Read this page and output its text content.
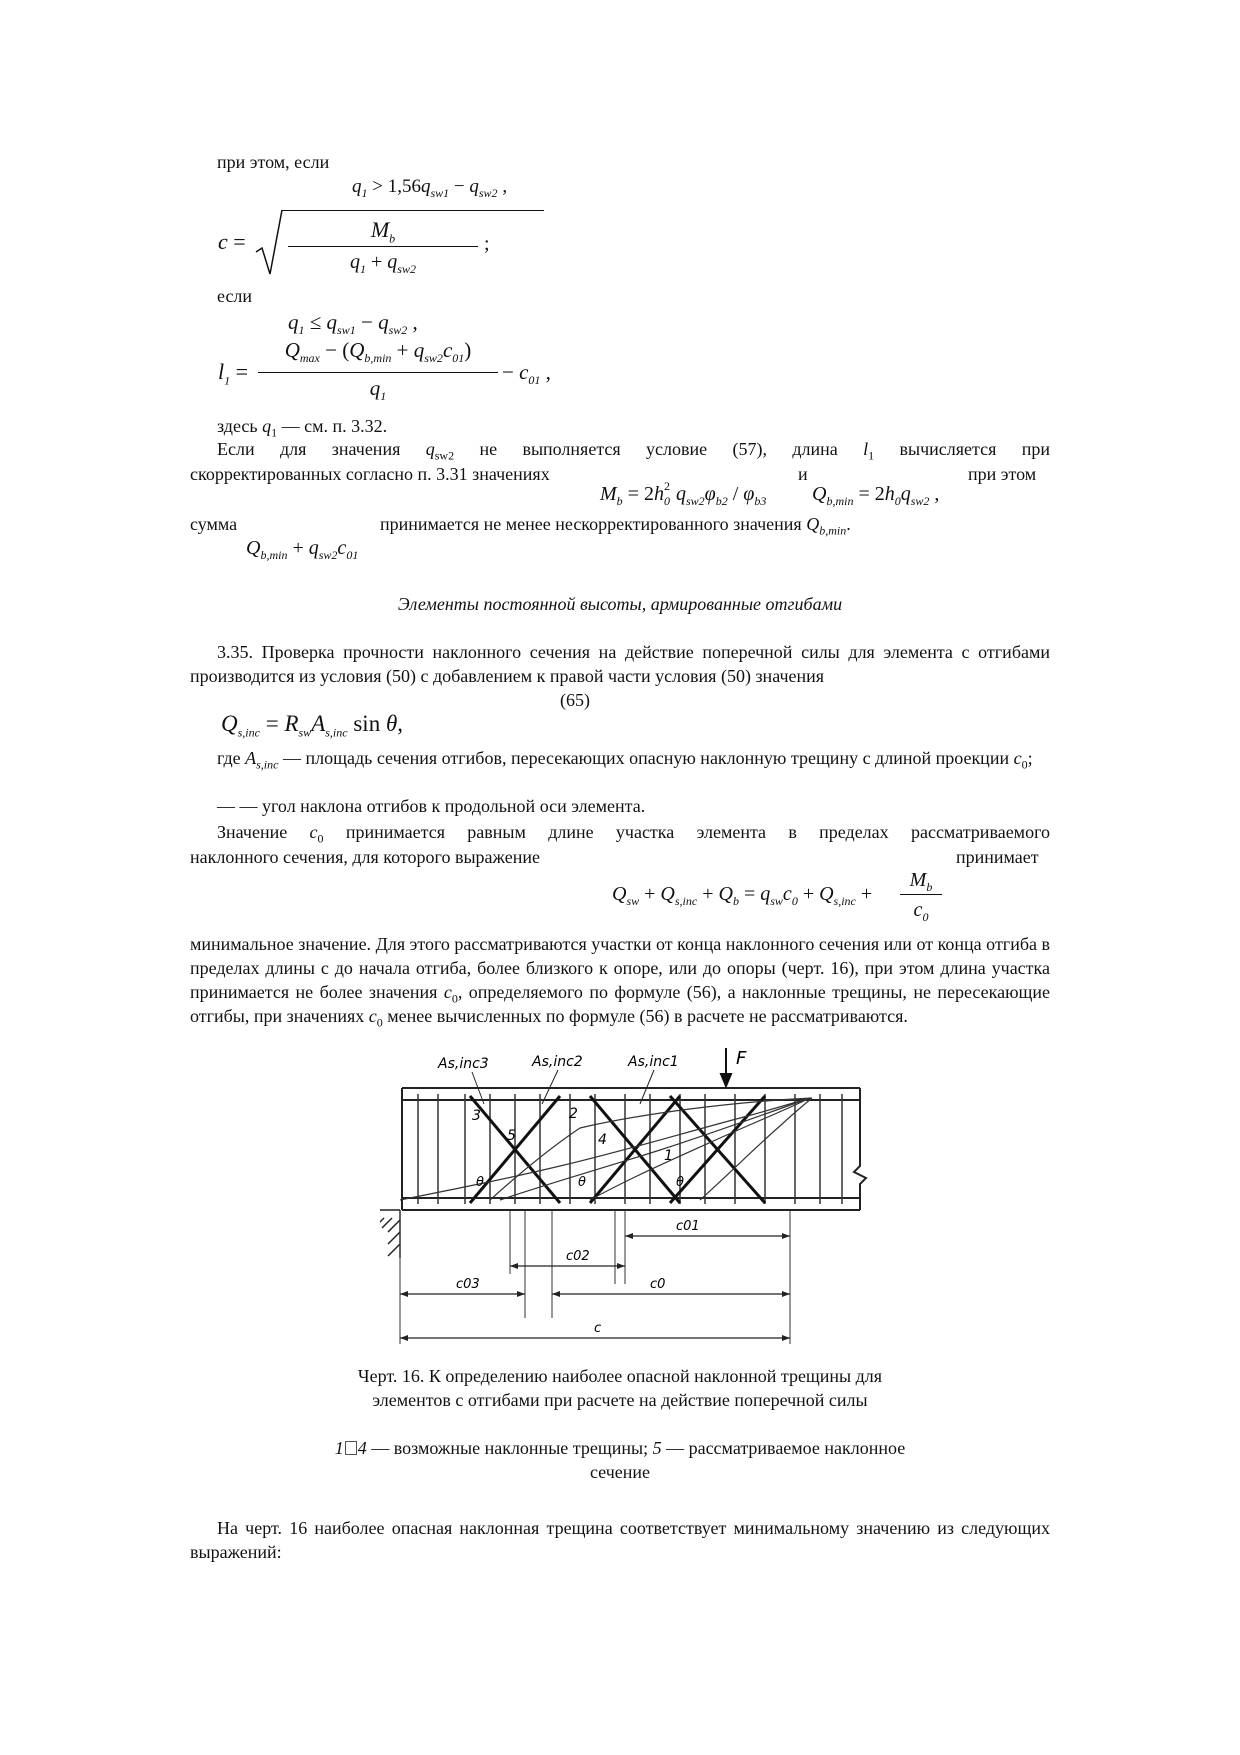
при этом, если

$q_1 > 1,56q_{sw1} - q_{sw2}$ ,
c =	$M_b$
$q_1 + q_{sw2}$
;

если

$q_1 \le q_{sw1} - q_{sw2}$ ,
$l_1$ =
$Q_{max} - (Q_{b,min} + q_{sw2}c_{01})$
$q_1$
− $c_{01}$ ,

здесь $q_1$ — см. п. 3.32.

Если для значения $q_{sw2}$ не выполняется условие (57), длина $l_1$ вычисляется при

скорректированных согласно п. 3.31 значениях	и	при этом

$M_b = 2h_0^2$ $q_{sw2}\varphi_{b2} / \varphi_{b3}$ $Q_{b,min} = 2h_0q_{sw2}$ ,

сумма	принимается не менее нескорректированного значения $Q_{b,min}$.

$Q_{b,min} + q_{sw2}c_{01}$
Элементы постоянной высоты, армированные отгибами
3.35. Проверка прочности наклонного сечения на действие поперечной силы для элемента с отгибами производится из условия (50) с добавлением к правой части условия (50) значения

(65)

$Q_{s,inc} = R_{sw}A_{s,inc}$ sin θ,
где $A_{s,inc}$ — площадь сечения отгибов, пересекающих опасную наклонную трещину с длиной проекции $c_0$;

— — угол наклона отгибов к продольной оси элемента.

Значение $c_0$ принимается равным длине участка элемента в пределах рассматриваемого

наклонного сечения, для которого выражение	принимает

$Q_{sw} + Q_{s,inc} + Q_b = q_{sw}c_0 + Q_{s,inc}$ +
$M_b$
$c_0$
минимальное значение. Для этого рассматриваются участки от конца наклонного сечения или от конца отгиба в пределах длины с до начала отгиба, более близкого к опоре, или до опоры (черт. 16), при этом длина участка принимается не более значения $c_0$, определяемого по формуле (56), а наклонные трещины, не пересекающие отгибы, при значениях $c_0$ менее вычисленных по формуле (56) в расчете не рассматриваются.
F
As,inc3	As,inc2	As,inc1
3	2
4
5
1
θ	θ	θ
c01
c02
c03	c0
c
Черт. 16. К определению наиболее опасной наклонной трещины для элементов с отгибами при расчете на действие поперечной силы
1 4 — возможные наклонные трещины; 5 — рассматриваемое наклонное сечение
На черт. 16 наиболее опасная наклонная трещина соответствует минимальному значению из следующих выражений:
